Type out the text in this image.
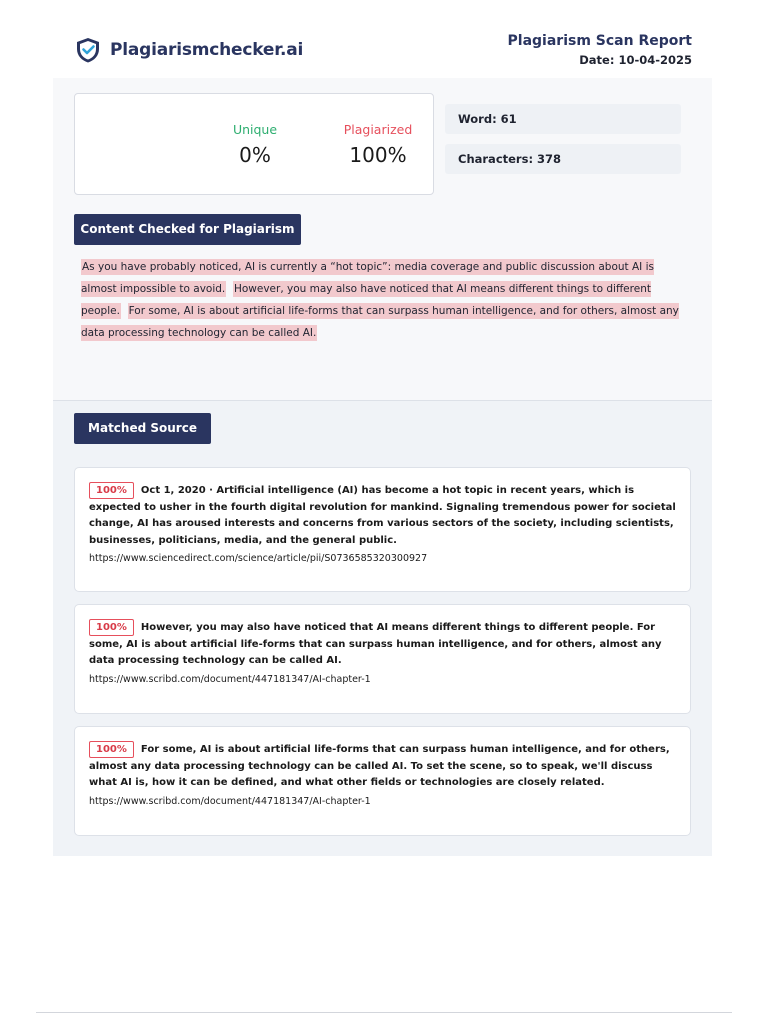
Plagiarismchecker.ai	Plagiarism Scan Report
Date: 10-04-2025
Unique
0%
Plagiarized
100%
Word: 61
Characters: 378
Content Checked for Plagiarism
As you have probably noticed, AI is currently a “hot topic”: media coverage and public discussion about AI is almost impossible to avoid. However, you may also have noticed that AI means different things to different people. For some, AI is about artificial life-forms that can surpass human intelligence, and for others, almost any data processing technology can be called AI.
Matched Source
100% Oct 1, 2020 · Artificial intelligence (AI) has become a hot topic in recent years, which is expected to usher in the fourth digital revolution for mankind. Signaling tremendous power for societal change, AI has aroused interests and concerns from various sectors of the society, including scientists, businesses, politicians, media, and the general public.
https://www.sciencedirect.com/science/article/pii/S0736585320300927
100% However, you may also have noticed that AI means different things to different people. For some, AI is about artificial life-forms that can surpass human intelligence, and for others, almost any data processing technology can be called AI.
https://www.scribd.com/document/447181347/AI-chapter-1
100% For some, AI is about artificial life-forms that can surpass human intelligence, and for others, almost any data processing technology can be called AI. To set the scene, so to speak, we'll discuss what AI is, how it can be defined, and what other fields or technologies are closely related.
https://www.scribd.com/document/447181347/AI-chapter-1
